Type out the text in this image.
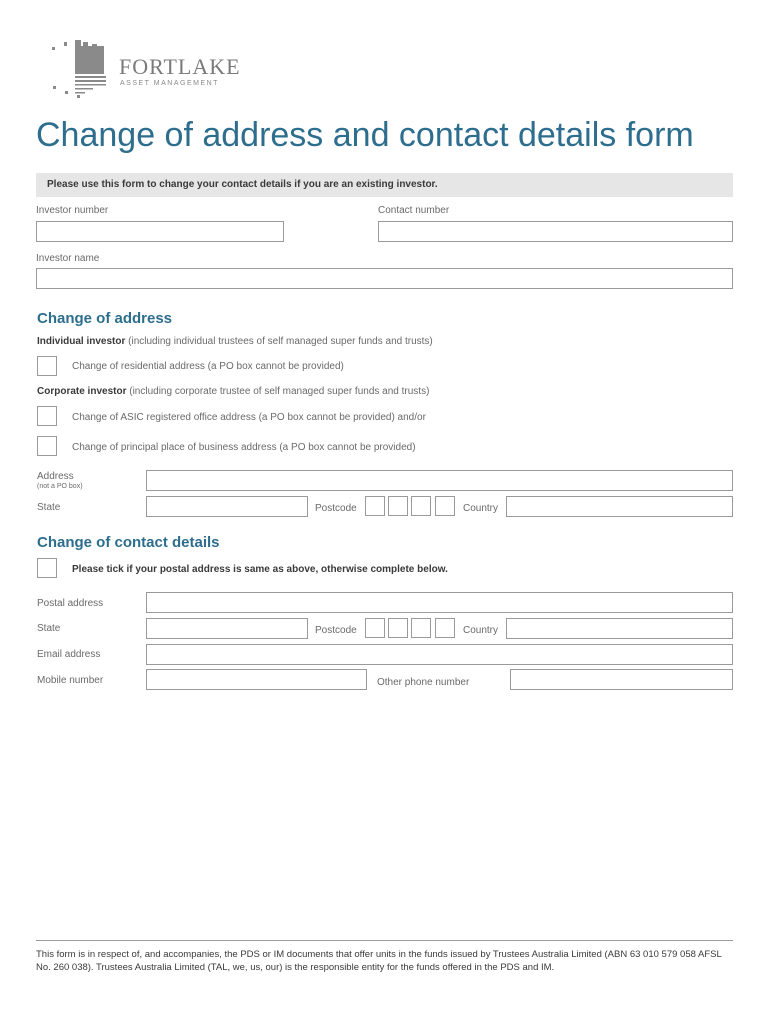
FORTLAKE
ASSET MANAGEMENT
Change of address and contact details form
Please use this form to change your contact details if you are an existing investor.
Investor number	Contact number
Investor name
Change of address
Individual investor (including individual trustees of self managed super funds and trusts)
Change of residential address (a PO box cannot be provided)
Corporate investor (including corporate trustee of self managed super funds and trusts)
Change of ASIC registered office address (a PO box cannot be provided) and/or
Change of principal place of business address (a PO box cannot be provided)
Address
(not a PO box)
State	Postcode	Country
Change of contact details
Please tick if your postal address is same as above, otherwise complete below.
Postal address
State	Postcode	Country
Email address
Mobile number	Other phone number
This form is in respect of, and accompanies, the PDS or IM documents that offer units in the funds issued by Trustees Australia Limited (ABN 63 010 579 058 AFSL No. 260 038). Trustees Australia Limited (TAL, we, us, our) is the responsible entity for the funds offered in the PDS and IM.
